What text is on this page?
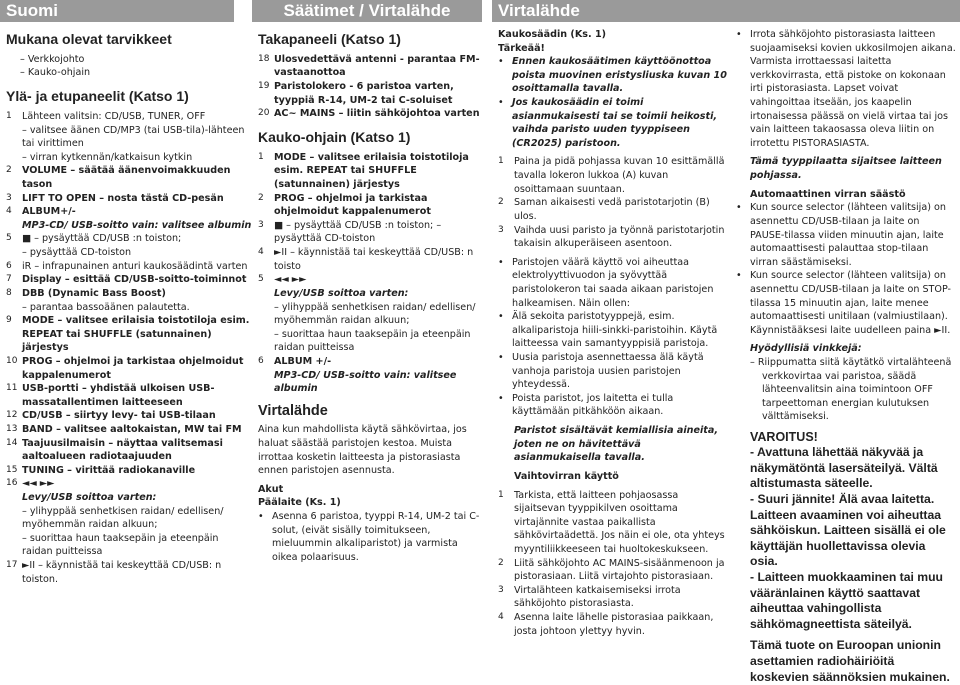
Suomi	Säätimet / Virtalähde	Virtalähde
Mukana olevat tarvikkeet

– Verkkojohto

– Kauko-ohjain

Ylä- ja etupaneelit (Katso 1)
1	Lähteen valitsin: CD/USB, TUNER, OFF
– valitsee äänen CD/MP3 (tai USB-tila)-lähteen tai virittimen
– virran kytkennän/katkaisun kytkin
2	VOLUME – säätää äänenvoimakkuuden tason
3	LIFT TO OPEN – nosta tästä CD-pesän
4	ALBUM+/-
MP3-CD/ USB-soitto vain: valitsee albumin
5	■ – pysäyttää CD/USB :n toiston;
– pysäyttää CD-toiston
6	iR – infrapunainen anturi kaukosäädintä varten
7	Display – esittää CD/USB-soitto-toiminnot
8	DBB (Dynamic Bass Boost)
– parantaa bassoäänen palautetta.
9	MODE – valitsee erilaisia toistotiloja esim. REPEAT tai SHUFFLE (satunnainen) järjestys
10 PROG – ohjelmoi ja tarkistaa ohjelmoidut kappalenumerot
11 USB-portti – yhdistää ulkoisen USB-massatallentimen laitteeseen
12 CD/USB – siirtyy levy- tai USB-tilaan
13 BAND – valitsee aaltokaistan, MW tai FM
14 Taajuusilmaisin – näyttaa valitsemasi aaltoalueen radiotaajuuden
15 TUNING – virittää radiokanaville
16 ◄◄ ►►
Levy/USB soittoa varten:
– ylihyppää senhetkisen raidan/ edellisen/ myöhemmän raidan alkuun;
– suorittaa haun taaksepäin ja eteenpäin raidan puitteissa
17 ►II – käynnistää tai keskeyttää CD/USB: n toiston.
Takapaneeli (Katso 1)
18 Ulosvedettävä antenni - parantaa FM-vastaanottoa
19 Paristolokero - 6 paristoa varten, tyyppiä R-14, UM-2 tai C-soluiset
20 AC~ MAINS – liitin sähköjohtoa varten
Kauko-ohjain (Katso 1)
1	MODE – valitsee erilaisia toistotiloja esim. REPEAT tai SHUFFLE (satunnainen) järjestys
2	PROG – ohjelmoi ja tarkistaa ohjelmoidut kappalenumerot
3	■ – pysäyttää CD/USB :n toiston; – pysäyttää CD-toiston
4	►II – käynnistää tai keskeyttää CD/USB: n toisto
5	◄◄ ►►
Levy/USB soittoa varten:
– ylihyppää senhetkisen raidan/ edellisen/ myöhemmän raidan alkuun;
– suorittaa haun taaksepäin ja eteenpäin raidan puitteissa
6	ALBUM +/-
MP3-CD/ USB-soitto vain: valitsee albumin
Virtalähde

Aina kun mahdollista käytä sähkövirtaa, jos haluat säästää paristojen kestoa. Muista irrottaa kosketin laitteesta ja pistorasiasta ennen paristojen asennusta.

Akut

Päälaite (Ks. 1)

• Asenna 6 paristoa, tyyppi R-14, UM-2 tai C-solut, (eivät sisälly toimitukseen, mieluummin alkaliparistot) ja varmista oikea polaarisuus.

Kaukosäädin (Ks. 1)

Tärkeää!

• Ennen kaukosäätimen käyttöönottoa poista muovinen eristysliuska kuvan 10 osoittamalla tavalla.
• Jos kaukosäädin ei toimi asianmukaisesti tai se toimii heikosti, vaihda paristo uuden tyyppiseen (CR2025) paristoon.
1	Paina ja pidä pohjassa kuvan 10 esittämällä tavalla lokeron lukkoa (A) kuvan osoittamaan suuntaan.
2	Saman aikaisesti vedä paristotarjotin (B) ulos.
3	Vaihda uusi paristo ja työnnä paristotarjotin takaisin alkuperäiseen asentoon.
• Paristojen väärä käyttö voi aiheuttaa elektrolyyttivuodon ja syövyttää paristolokeron tai saada aikaan paristojen halkeamisen. Näin ollen:
• Älä sekoita paristotyyppejä, esim. alkaliparistoja hiili-sinkki-paristoihin. Käytä laitteessa vain samantyyppisiä paristoja.
• Uusia paristoja asennettaessa älä käytä vanhoja paristoja uusien paristojen yhteydessä.
• Poista paristot, jos laitetta ei tulla käyttämään pitkähköön aikaan.

Paristot sisältävät kemiallisia aineita, joten ne on hävitettävä asianmukaisella tavalla.

Vaihtovirran käyttö

1	Tarkista, että laitteen pohjaosassa sijaitsevan tyyppikilven osoittama virtajännite vastaa paikallista sähkövirtaädettä. Jos näin ei ole, ota yhteys myyntiliikkeeseen tai huoltokeskukseen.
2	Liitä sähköjohto AC MAINS-sisäänmenoon ja pistorasiaan. Liitä virtajohto pistorasiaan.
3	Virtalähteen katkaisemiseksi irrota sähköjohto pistorasiasta.
4	Asenna laite lähelle pistorasiaa paikkaan, josta johtoon ylettyy hyvin.
• Irrota sähköjohto pistorasiasta laitteen suojaamiseksi kovien ukkosilmojen aikana. Varmista irrottaessasi laitetta verkkovirrasta, että pistoke on kokonaan irti pistorasiasta. Lapset voivat vahingoittaa itseään, jos kaapelin irtonaisessa päässä on vielä virtaa tai jos vain laitteen takaosassa oleva liitin on irrotettu PISTORASIASTA.

Tämä tyyppilaatta sijaitsee laitteen pohjassa.

Automaattinen virran säästö

• Kun source selector (lähteen valitsija) on asennettu CD/USB-tilaan ja laite on PAUSE-tilassa viiden minuutin ajan, laite automaattisesti palauttaa stop-tilaan virran säästämiseksi.
• Kun source selector (lähteen valitsija) on asennettu CD/USB-tilaan ja laite on STOP-tilassa 15 minuutin ajan, laite menee automaattisesti unitilaan (valmiustilaan). Käynnistääksesi laite uudelleen paina ►II.

Hyödyllisiä vinkkejä:

– Riippumatta siitä käytätkö virtalähteenä verkkovirtaa vai paristoa, säädä lähteenvalitsin aina toimintoon OFF tarpeettoman energian kulutuksen välttämiseksi.

VAROITUS!

- Avattuna lähettää näkyvää ja näkymätöntä lasersäteilyä. Vältä altistumasta säteelle.

- Suuri jännite! Älä avaa laitetta. Laitteen avaaminen voi aiheuttaa sähköiskun. Laitteen sisällä ei ole käyttäjän huollettavissa olevia osia.

- Laitteen muokkaaminen tai muu vääränlainen käyttö saattavat aiheuttaa vahingollista sähkömagneettista säteilyä.

Tämä tuote on Euroopan unionin asettamien radiohäiriöitä koskevien säännöksien mukainen.
